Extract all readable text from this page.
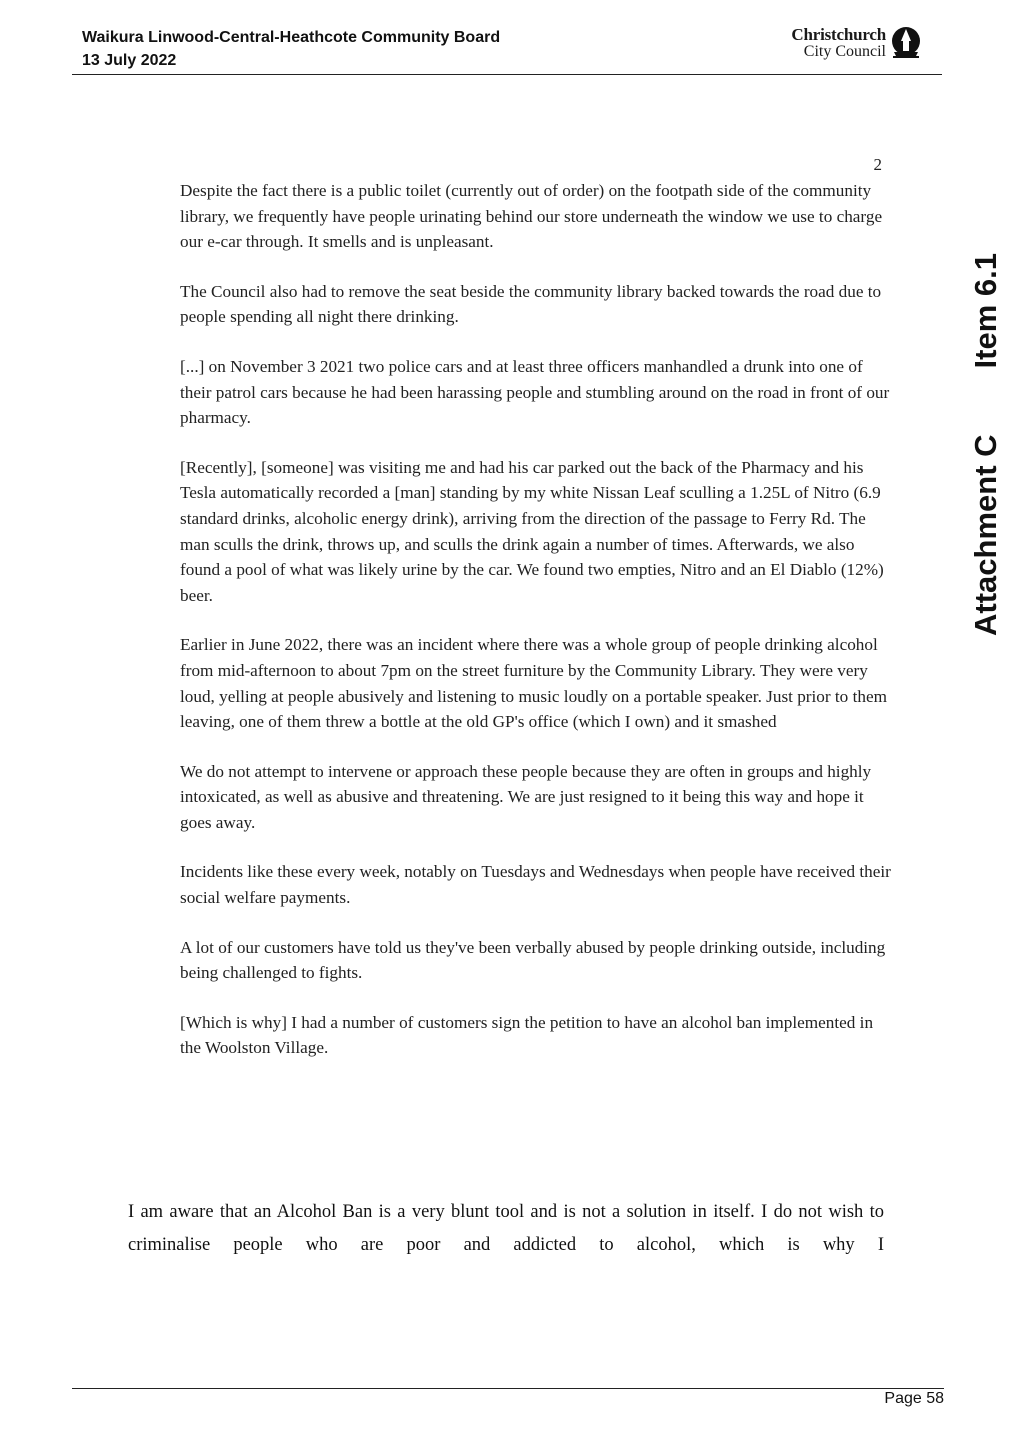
Waikura Linwood-Central-Heathcote Community Board
13 July 2022
Christchurch
City Council
Attachment CItem 6.1
2

Despite the fact there is a public toilet (currently out of order) on the footpath side of the community library, we frequently have people urinating behind our store underneath the window we use to charge our e-car through. It smells and is unpleasant.

The Council also had to remove the seat beside the community library backed towards the road due to people spending all night there drinking.

[...] on November 3 2021 two police cars and at least three officers manhandled a drunk into one of their patrol cars because he had been harassing people and stumbling around on the road in front of our pharmacy.

[Recently], [someone] was visiting me and had his car parked out the back of the Pharmacy and his Tesla automatically recorded a [man] standing by my white Nissan Leaf sculling a 1.25L of Nitro (6.9 standard drinks, alcoholic energy drink), arriving from the direction of the passage to Ferry Rd. The man sculls the drink, throws up, and sculls the drink again a number of times. Afterwards, we also found a pool of what was likely urine by the car. We found two empties, Nitro and an El Diablo (12%) beer.

Earlier in June 2022, there was an incident where there was a whole group of people drinking alcohol from mid-afternoon to about 7pm on the street furniture by the Community Library. They were very loud, yelling at people abusively and listening to music loudly on a portable speaker. Just prior to them leaving, one of them threw a bottle at the old GP's office (which I own) and it smashed

We do not attempt to intervene or approach these people because they are often in groups and highly intoxicated, as well as abusive and threatening. We are just resigned to it being this way and hope it goes away.

Incidents like these every week, notably on Tuesdays and Wednesdays when people have received their social welfare payments.

A lot of our customers have told us they've been verbally abused by people drinking outside, including being challenged to fights.

[Which is why] I had a number of customers sign the petition to have an alcohol ban implemented in the Woolston Village.

I am aware that an Alcohol Ban is a very blunt tool and is not a solution in itself. I do not wish to criminalise people who are poor and addicted to alcohol, which is why I
Page 58
